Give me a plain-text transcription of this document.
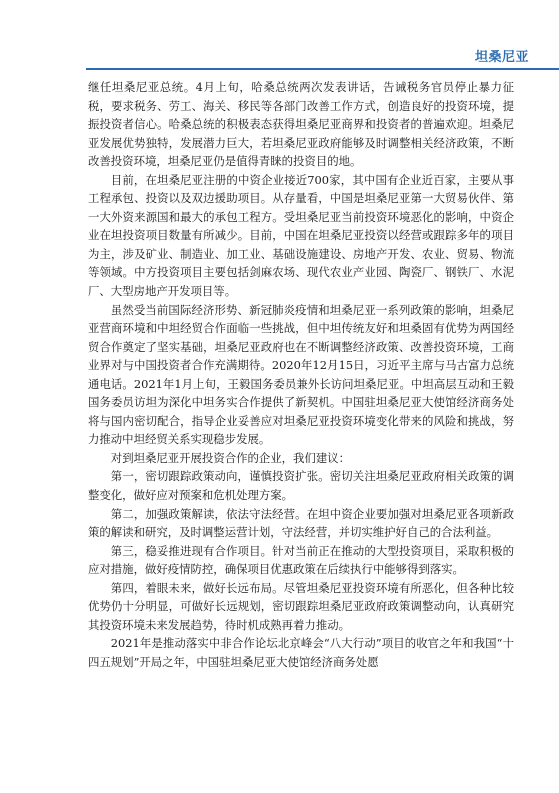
坦桑尼亚

继任坦桑尼亚总统。4月上旬，哈桑总统两次发表讲话，告诫税务官员停止暴力征税，要求税务、劳工、海关、移民等各部门改善工作方式，创造良好的投资环境，提振投资者信心。哈桑总统的积极表态获得坦桑尼亚商界和投资者的普遍欢迎。坦桑尼亚发展优势独特，发展潜力巨大，若坦桑尼亚政府能够及时调整相关经济政策，不断改善投资环境，坦桑尼亚仍是值得青睐的投资目的地。

目前，在坦桑尼亚注册的中资企业接近700家，其中国有企业近百家，主要从事工程承包、投资以及双边援助项目。从存量看，中国是坦桑尼亚第一大贸易伙伴、第一大外资来源国和最大的承包工程方。受坦桑尼亚当前投资环境恶化的影响，中资企业在坦投资项目数量有所减少。目前，中国在坦桑尼亚投资以经营或跟踪多年的项目为主，涉及矿业、制造业、加工业、基础设施建设、房地产开发、农业、贸易、物流等领域。中方投资项目主要包括剑麻农场、现代农业产业园、陶瓷厂、钢铁厂、水泥厂、大型房地产开发项目等。

虽然受当前国际经济形势、新冠肺炎疫情和坦桑尼亚一系列政策的影响，坦桑尼亚营商环境和中坦经贸合作面临一些挑战，但中坦传统友好和坦桑固有优势为两国经贸合作奠定了坚实基础，坦桑尼亚政府也在不断调整经济政策、改善投资环境，工商业界对与中国投资者合作充满期待。2020年12月15日，习近平主席与马古富力总统通电话。2021年1月上旬，王毅国务委员兼外长访问坦桑尼亚。中坦高层互动和王毅国务委员访坦为深化中坦务实合作提供了新契机。中国驻坦桑尼亚大使馆经济商务处将与国内密切配合，指导企业妥善应对坦桑尼亚投资环境变化带来的风险和挑战，努力推动中坦经贸关系实现稳步发展。

对到坦桑尼亚开展投资合作的企业，我们建议：

第一，密切跟踪政策动向，谨慎投资扩张。密切关注坦桑尼亚政府相关政策的调整变化，做好应对预案和危机处理方案。

第二，加强政策解读，依法守法经营。在坦中资企业要加强对坦桑尼亚各项新政策的解读和研究，及时调整运营计划，守法经营，并切实维护好自己的合法利益。

第三，稳妥推进现有合作项目。针对当前正在推动的大型投资项目，采取积极的应对措施，做好疫情防控，确保项目优惠政策在后续执行中能够得到落实。

第四，着眼未来，做好长远布局。尽管坦桑尼亚投资环境有所恶化，但各种比较优势仍十分明显，可做好长远规划，密切跟踪坦桑尼亚政府政策调整动向，认真研究其投资环境未来发展趋势，待时机成熟再着力推动。

2021年是推动落实中非合作论坛北京峰会“八大行动”项目的收官之年和我国“十四五规划”开局之年，中国驻坦桑尼亚大使馆经济商务处愿
